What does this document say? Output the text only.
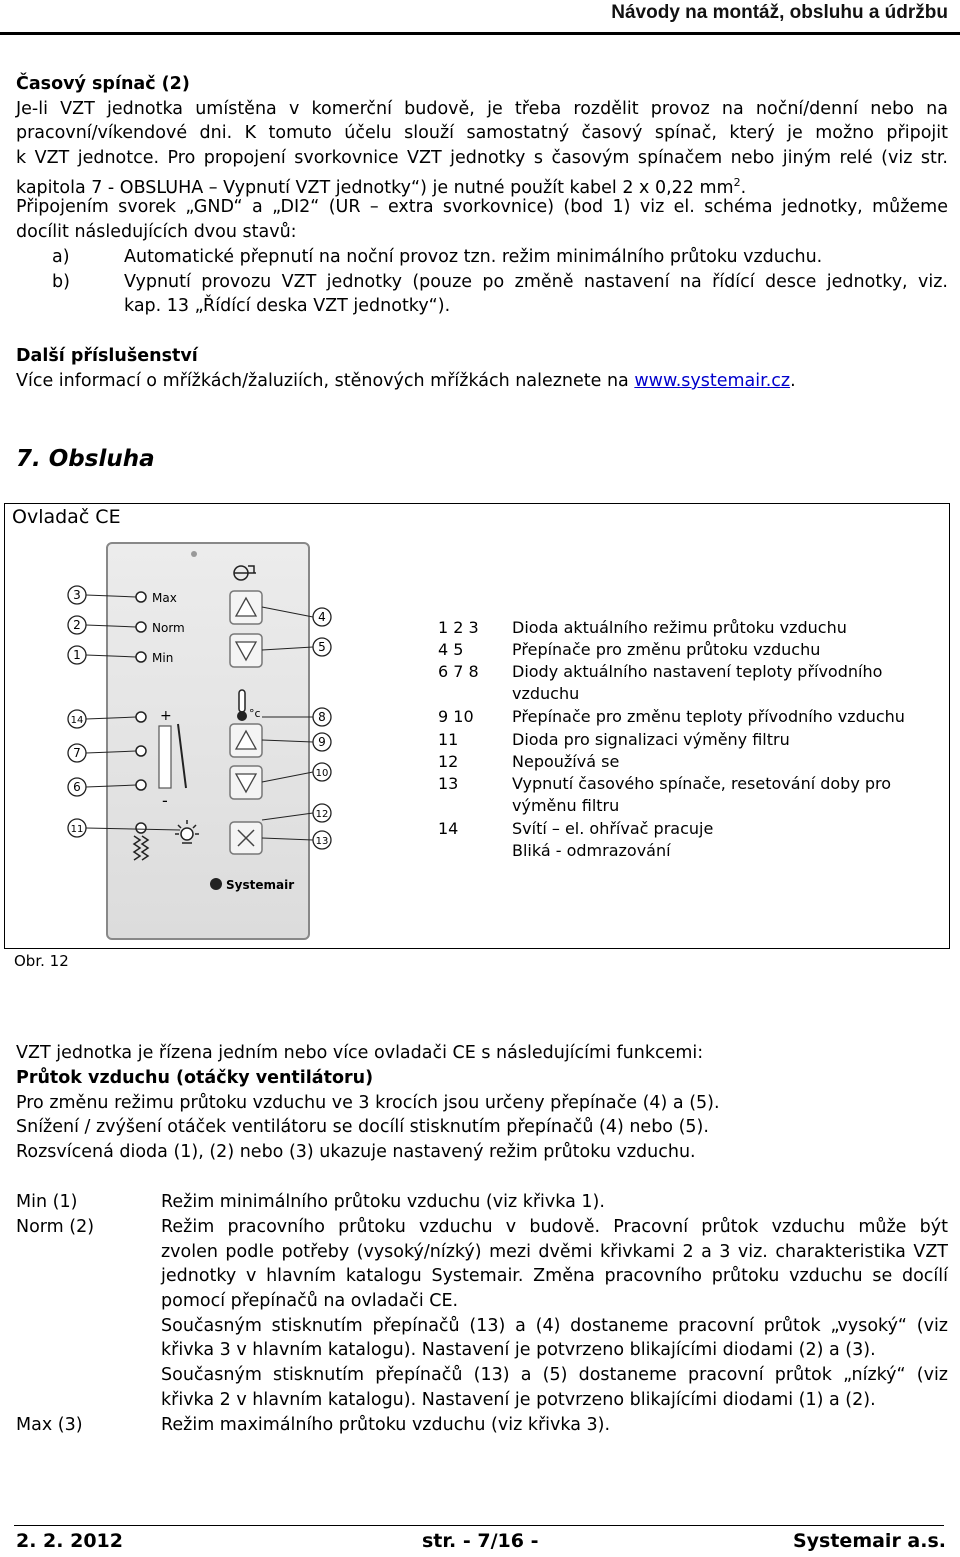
Návody na montáž, obsluhu a údržbu
Časový spínač (2)
Je-li VZT jednotka umístěna v komerční budově, je třeba rozdělit provoz na noční/denní nebo na
pracovní/víkendové dni. K tomuto účelu slouží samostatný časový spínač, který je možno připojit
k VZT jednotce. Pro propojení svorkovnice VZT jednotky s časovým spínačem nebo jiným relé (viz str.
kapitola 7 - OBSLUHA – Vypnutí VZT jednotky“) je nutné použít kabel 2 x 0,22 $mm^2$.
Připojením svorek „GND“ a „DI2“ (UR – extra svorkovnice) (bod 1) viz el. schéma jednotky, můžeme
docílit následujících dvou stavů:
a)	Automatické přepnutí na noční provoz tzn. režim minimálního průtoku vzduchu.
b)	Vypnutí provozu VZT jednotky (pouze po změně nastavení na řídící desce jednotky, viz.
kap. 13 „Řídící deska VZT jednotky“).
Další příslušenství
Více informací o mřížkách/žaluziích, stěnových mřížkách naleznete na www.systemair.cz.
7. Obsluha
Ovladač CE
Max
Norm
Min
+
-
°c
Systemair
3
2
1
14
7
6
11
4
5
9
10
12
13
8
1 2 3	Dioda aktuálního režimu průtoku vzduchu
4 5	Přepínače pro změnu průtoku vzduchu
6 7 8	Diody aktuálního nastavení teploty přívodního vzduchu
9 10	Přepínače pro změnu teploty přívodního vzduchu
11	Dioda pro signalizaci výměny filtru
12	Nepoužívá se
13	Vypnutí časového spínače, resetování doby pro výměnu filtru
14	Svítí – el. ohřívač pracuje
Bliká - odmrazování
Obr. 12
VZT jednotka je řízena jedním nebo více ovladači CE s následujícími funkcemi:
Průtok vzduchu (otáčky ventilátoru)
Pro změnu režimu průtoku vzduchu ve 3 krocích jsou určeny přepínače (4) a (5).
Snížení / zvýšení otáček ventilátoru se docílí stisknutím přepínačů (4) nebo (5).
Rozsvícená dioda (1), (2) nebo (3) ukazuje nastavený režim průtoku vzduchu.
Min (1)	Režim minimálního průtoku vzduchu (viz křivka 1).
Norm (2)	Režim pracovního průtoku vzduchu v budově. Pracovní průtok vzduchu může být
zvolen podle potřeby (vysoký/nízký) mezi dvěmi křivkami 2 a 3 viz. charakteristika VZT
jednotky v hlavním katalogu Systemair. Změna pracovního průtoku vzduchu se docílí
pomocí přepínačů na ovladači CE.
Současným stisknutím přepínačů (13) a (4) dostaneme pracovní průtok „vysoký“ (viz
křivka 3 v hlavním katalogu). Nastavení je potvrzeno blikajícími diodami (2) a (3).
Současným stisknutím přepínačů (13) a (5) dostaneme pracovní průtok „nízký“ (viz
křivka 2 v hlavním katalogu). Nastavení je potvrzeno blikajícími diodami (1) a (2).
Max (3)	Režim maximálního průtoku vzduchu (viz křivka 3).
2. 2. 2012	str. - 7/16 -	Systemair a.s.
